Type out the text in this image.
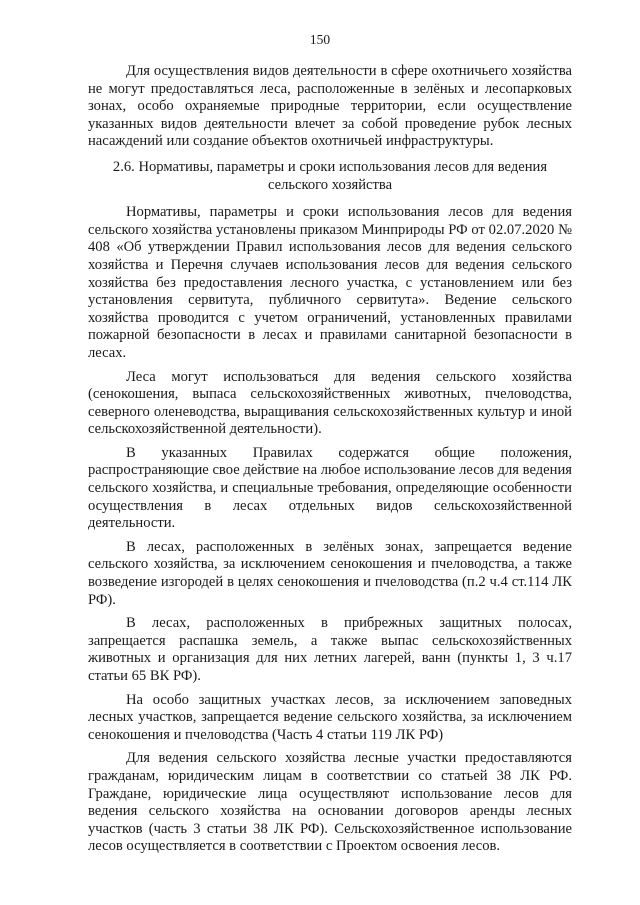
150

Для осуществления видов деятельности в сфере охотничьего хозяйства не могут предоставляться леса, расположенные в зелёных и лесопарковых зонах, особо охраняемые природные территории, если осуществление указанных видов деятельности влечет за собой проведение рубок лесных насаждений или создание объектов охотничьей инфраструктуры.

2.6. Нормативы, параметры и сроки использования лесов для ведения сельского хозяйства

Нормативы, параметры и сроки использования лесов для ведения сельского хозяйства установлены приказом Минприроды РФ от 02.07.2020 № 408 «Об утверждении Правил использования лесов для ведения сельского хозяйства и Перечня случаев использования лесов для ведения сельского хозяйства без предоставления лесного участка, с установлением или без установления сервитута, публичного сервитута». Ведение сельского хозяйства проводится с учетом ограничений, установленных правилами пожарной безопасности в лесах и правилами санитарной безопасности в лесах.

Леса могут использоваться для ведения сельского хозяйства (сенокошения, выпаса сельскохозяйственных животных, пчеловодства, северного оленеводства, выращивания сельскохозяйственных культур и иной сельскохозяйственной деятельности).

В указанных Правилах содержатся общие положения, распространяющие свое действие на любое использование лесов для ведения сельского хозяйства, и специальные требования, определяющие особенности осуществления в лесах отдельных видов сельскохозяйственной деятельности.

В лесах, расположенных в зелёных зонах, запрещается ведение сельского хозяйства, за исключением сенокошения и пчеловодства, а также возведение изгородей в целях сенокошения и пчеловодства (п.2 ч.4 ст.114 ЛК РФ).

В лесах, расположенных в прибрежных защитных полосах, запрещается распашка земель, а также выпас сельскохозяйственных животных и организация для них летних лагерей, ванн (пункты 1, 3 ч.17 статьи 65 ВК РФ).

На особо защитных участках лесов, за исключением заповедных лесных участков, запрещается ведение сельского хозяйства, за исключением сенокошения и пчеловодства (Часть 4 статьи 119 ЛК РФ)

Для ведения сельского хозяйства лесные участки предоставляются гражданам, юридическим лицам в соответствии со статьей 38 ЛК РФ. Граждане, юридические лица осуществляют использование лесов для ведения сельского хозяйства на основании договоров аренды лесных участков (часть 3 статьи 38 ЛК РФ). Сельскохозяйственное использование лесов осуществляется в соответствии с Проектом освоения лесов.
